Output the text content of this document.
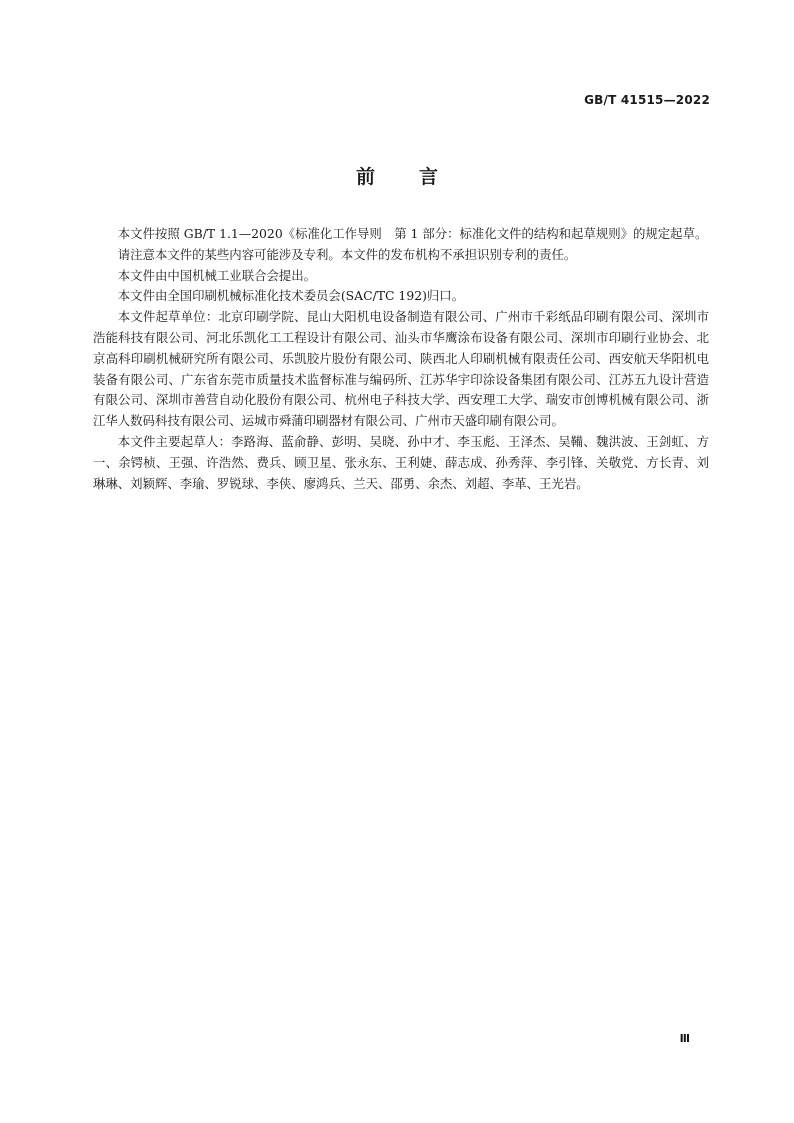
GB/T 41515—2022
前言

本文件按照 GB/T 1.1—2020《标准化工作导则　第 1 部分：标准化文件的结构和起草规则》的规定起草。

请注意本文件的某些内容可能涉及专利。本文件的发布机构不承担识别专利的责任。

本文件由中国机械工业联合会提出。

本文件由全国印刷机械标准化技术委员会(SAC/TC 192)归口。

本文件起草单位：北京印刷学院、昆山大阳机电设备制造有限公司、广州市千彩纸品印刷有限公司、深圳市浩能科技有限公司、河北乐凯化工工程设计有限公司、汕头市华鹰涂布设备有限公司、深圳市印刷行业协会、北京高科印刷机械研究所有限公司、乐凯胶片股份有限公司、陕西北人印刷机械有限责任公司、西安航天华阳机电装备有限公司、广东省东莞市质量技术监督标准与编码所、江苏华宇印涂设备集团有限公司、江苏五九设计营造有限公司、深圳市善营自动化股份有限公司、杭州电子科技大学、西安理工大学、瑞安市创博机械有限公司、浙江华人数码科技有限公司、运城市舜蒲印刷器材有限公司、广州市天盛印刷有限公司。

本文件主要起草人：李路海、蓝俞静、彭明、吴晓、孙中才、李玉彪、王泽杰、吴鞴、魏洪波、王剑虹、方一、余锷桢、王强、许浩然、费兵、顾卫星、张永东、王利婕、薛志成、孙秀萍、李引锋、关敬党、方长青、刘琳琳、刘颖辉、李瑜、罗锐球、李侠、廖鸿兵、兰天、邵勇、余杰、刘超、李革、王光岩。

Ⅲ
